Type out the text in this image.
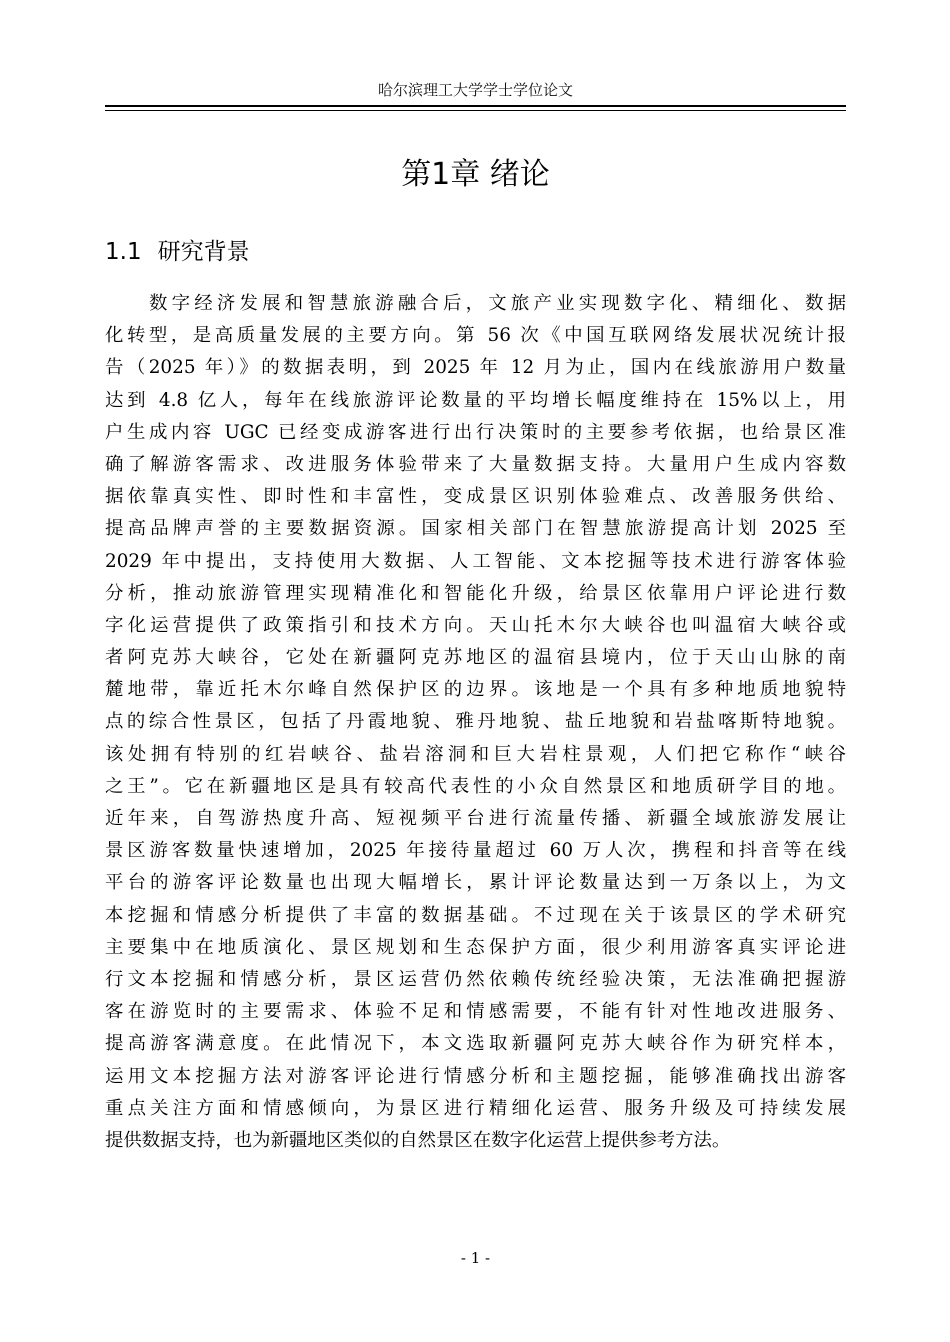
哈尔滨理工大学学士学位论文
第1章 绪论
1.1 研究背景
数字经济发展和智慧旅游融合后，文旅产业实现数字化、精细化、数据
化转型，是高质量发展的主要方向。第 56 次《中国互联网络发展状况统计报
告（2025 年）》的数据表明，到 2025 年 12 月为止，国内在线旅游用户数量
达到 4.8 亿人，每年在线旅游评论数量的平均增长幅度维持在 15%以上，用
户生成内容 UGC 已经变成游客进行出行决策时的主要参考依据，也给景区准
确了解游客需求、改进服务体验带来了大量数据支持。大量用户生成内容数
据依靠真实性、即时性和丰富性，变成景区识别体验难点、改善服务供给、
提高品牌声誉的主要数据资源。国家相关部门在智慧旅游提高计划 2025 至
2029 年中提出，支持使用大数据、人工智能、文本挖掘等技术进行游客体验
分析，推动旅游管理实现精准化和智能化升级，给景区依靠用户评论进行数
字化运营提供了政策指引和技术方向。天山托木尔大峡谷也叫温宿大峡谷或
者阿克苏大峡谷，它处在新疆阿克苏地区的温宿县境内，位于天山山脉的南
麓地带，靠近托木尔峰自然保护区的边界。该地是一个具有多种地质地貌特
点的综合性景区，包括了丹霞地貌、雅丹地貌、盐丘地貌和岩盐喀斯特地貌。
该处拥有特别的红岩峡谷、盐岩溶洞和巨大岩柱景观，人们把它称作“峡谷
之王”。它在新疆地区是具有较高代表性的小众自然景区和地质研学目的地。
近年来，自驾游热度升高、短视频平台进行流量传播、新疆全域旅游发展让
景区游客数量快速增加，2025 年接待量超过 60 万人次，携程和抖音等在线
平台的游客评论数量也出现大幅增长，累计评论数量达到一万条以上，为文
本挖掘和情感分析提供了丰富的数据基础。不过现在关于该景区的学术研究
主要集中在地质演化、景区规划和生态保护方面，很少利用游客真实评论进
行文本挖掘和情感分析，景区运营仍然依赖传统经验决策，无法准确把握游
客在游览时的主要需求、体验不足和情感需要，不能有针对性地改进服务、
提高游客满意度。在此情况下，本文选取新疆阿克苏大峡谷作为研究样本，
运用文本挖掘方法对游客评论进行情感分析和主题挖掘，能够准确找出游客
重点关注方面和情感倾向，为景区进行精细化运营、服务升级及可持续发展
提供数据支持，也为新疆地区类似的自然景区在数字化运营上提供参考方法。
- 1 -
